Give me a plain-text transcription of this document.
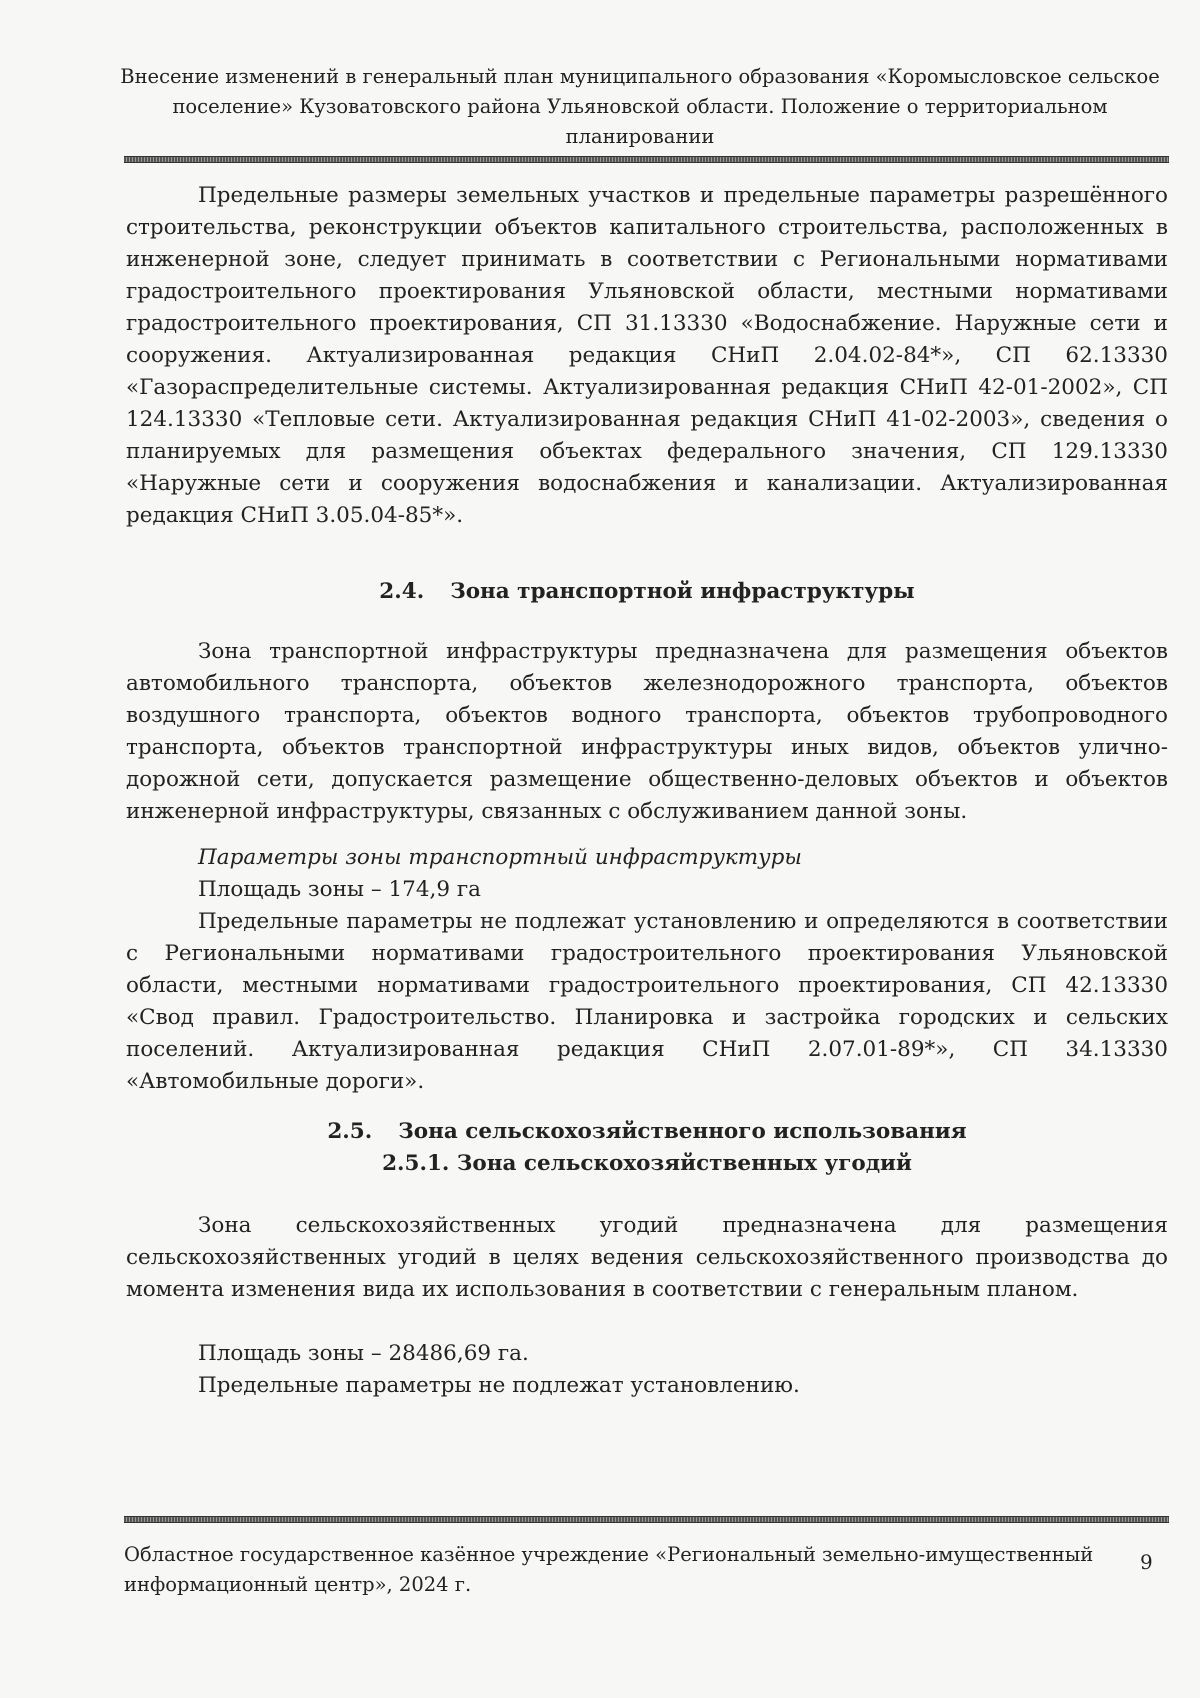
Внесение изменений в генеральный план муниципального образования «Коромысловское сельское поселение» Кузоватовского района Ульяновской области. Положение о территориальном планировании

Предельные размеры земельных участков и предельные параметры разрешённого строительства, реконструкции объектов капитального строительства, расположенных в инженерной зоне, следует принимать в соответствии с Региональными нормативами градостроительного проектирования Ульяновской области, местными нормативами градостроительного проектирования, СП 31.13330 «Водоснабжение. Наружные сети и сооружения. Актуализированная редакция СНиП 2.04.02-84*», СП 62.13330 «Газораспределительные системы. Актуализированная редакция СНиП 42-01-2002», СП 124.13330 «Тепловые сети. Актуализированная редакция СНиП 41-02-2003», сведения о планируемых для размещения объектах федерального значения, СП 129.13330 «Наружные сети и сооружения водоснабжения и канализации. Актуализированная редакция СНиП 3.05.04-85*».

2.4. Зона транспортной инфраструктуры

Зона транспортной инфраструктуры предназначена для размещения объектов автомобильного транспорта, объектов железнодорожного транспорта, объектов воздушного транспорта, объектов водного транспорта, объектов трубопроводного транспорта, объектов транспортной инфраструктуры иных видов, объектов улично-дорожной сети, допускается размещение общественно-деловых объектов и объектов инженерной инфраструктуры, связанных с обслуживанием данной зоны.

Параметры зоны транспортный инфраструктуры
Площадь зоны – 174,9 га

Предельные параметры не подлежат установлению и определяются в соответствии с Региональными нормативами градостроительного проектирования Ульяновской области, местными нормативами градостроительного проектирования, СП 42.13330 «Свод правил. Градостроительство. Планировка и застройка городских и сельских поселений. Актуализированная редакция СНиП 2.07.01-89*», СП 34.13330 «Автомобильные дороги».

2.5. Зона сельскохозяйственного использования
2.5.1. Зона сельскохозяйственных угодий

Зона сельскохозяйственных угодий предназначена для размещения сельскохозяйственных угодий в целях ведения сельскохозяйственного производства до момента изменения вида их использования в соответствии с генеральным планом.

Площадь зоны – 28486,69 га.
Предельные параметры не подлежат установлению.
Областное государственное казённое учреждение «Региональный земельно-имущественный информационный центр», 2024 г.
9
